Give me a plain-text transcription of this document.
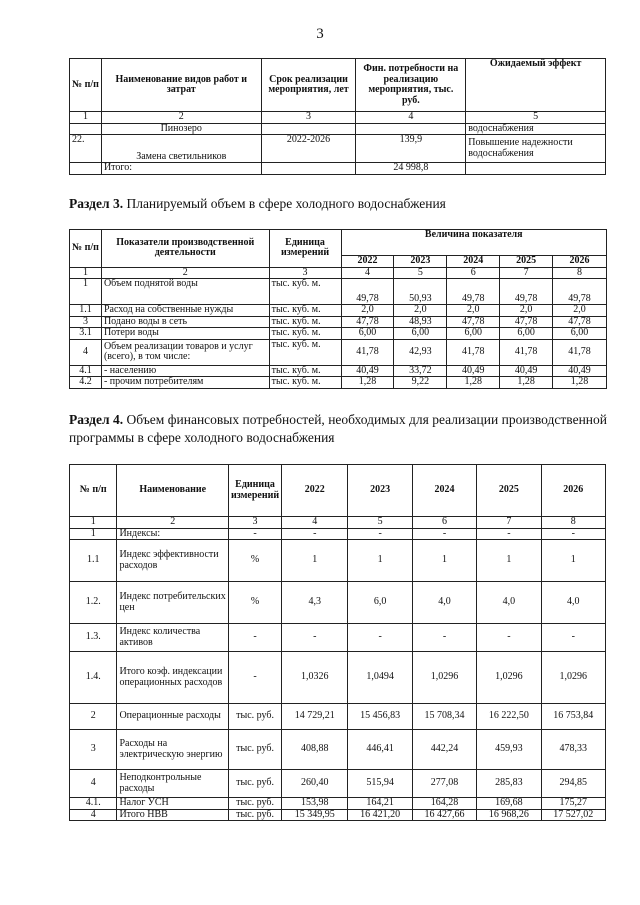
3
№ п/п	Наименование видов работ и затрат	Срок реализации мероприятия, лет	Фин. потребности на реализацию мероприятия, тыс. руб.	Ожидаемый эффект
1	2	3	4	5
	Пинозеро			водоснабжения
22.	Замена светильников	2022-2026	139,9	Повышение надежности водоснабжения
	Итого:		24 998,8	
Раздел 3. Планируемый объем в сфере холодного водоснабжения
№ п/п	Показатели производственной деятельности	Единица измерений	Величина показателя				
			2022	2023	2024	2025	2026
1	2	3	4	5	6	7	8
1	Объем поднятой воды	тыс. куб. м.	49,78	50,93	49,78	49,78	49,78
1.1	Расход на собственные нужды	тыс. куб. м.	2,0	2,0	2,0	2,0	2,0
3	Подано воды в сеть	тыс. куб. м.	47,78	48,93	47,78	47,78	47,78
3.1	Потери воды	тыс. куб. м.	6,00	6,00	6,00	6,00	6,00
4	Объем реализации товаров и услуг (всего), в том числе:	тыс. куб. м.	41,78	42,93	41,78	41,78	41,78
4.1	- населению	тыс. куб. м.	40,49	33,72	40,49	40,49	40,49
4.2	- прочим потребителям	тыс. куб. м.	1,28	9,22	1,28	1,28	1,28
Раздел 4. Объем финансовых потребностей, необходимых для реализации производственной программы в сфере холодного водоснабжения
№ п/п	Наименование	Единица измерений	2022	2023	2024	2025	2026
1	2	3	4	5	6	7	8
1	Индексы:	-	-	-	-	-	-
1.1	Индекс эффективности расходов	%	1	1	1	1	1
1.2.	Индекс потребительских цен	%	4,3	6,0	4,0	4,0	4,0
1.3.	Индекс количества активов	-	-	-	-	-	-
1.4.	Итого коэф. индексации операционных расходов	-	1,0326	1,0494	1,0296	1,0296	1,0296
2	Операционные расходы	тыс. руб.	14 729,21	15 456,83	15 708,34	16 222,50	16 753,84
3	Расходы на электрическую энергию	тыс. руб.	408,88	446,41	442,24	459,93	478,33
4	Неподконтрольные расходы	тыс. руб.	260,40	515,94	277,08	285,83	294,85
4.1.	Налог УСН	тыс. руб.	153,98	164,21	164,28	169,68	175,27
4	Итого НВВ	тыс. руб.	15 349,95	16 421,20	16 427,66	16 968,26	17 527,02
